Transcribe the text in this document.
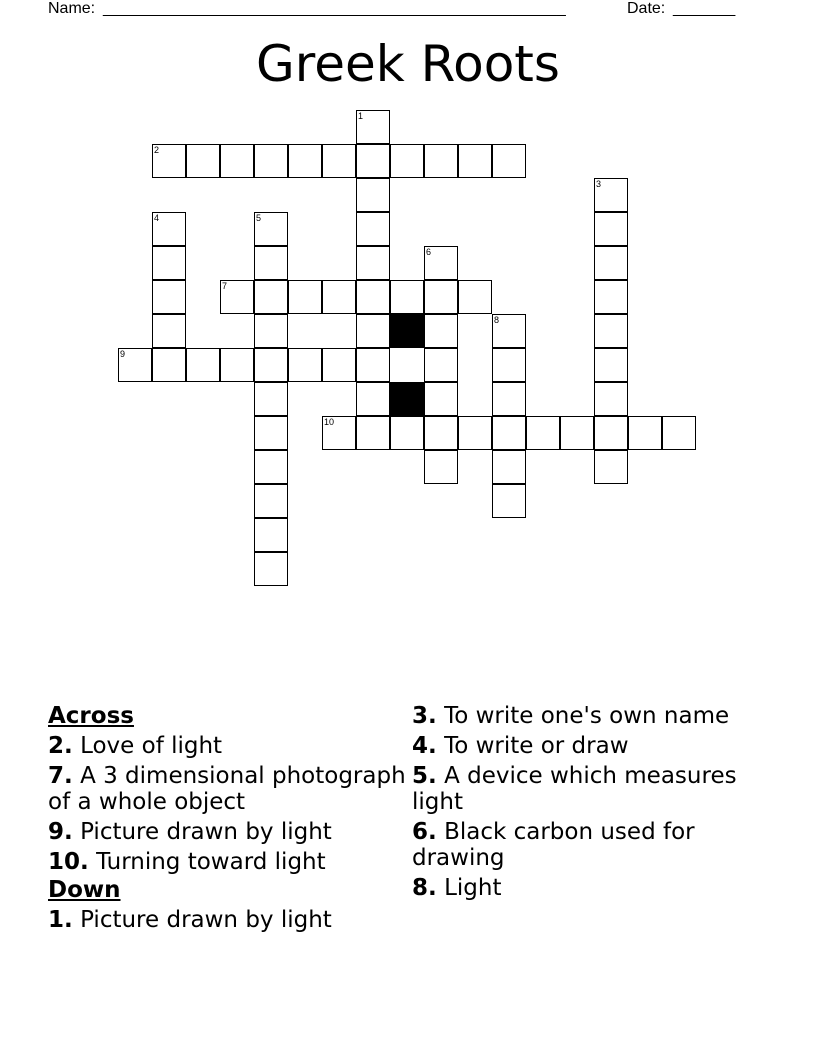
Name: ____________________________________________________	Date: _______
Greek Roots
1
2
3
4	5
6
7
8
9
10
Across
2. Love of light
7. A 3 dimensional photograph of a whole object
9. Picture drawn by light
10. Turning toward light
Down
1. Picture drawn by light
3. To write one's own name
4. To write or draw
5. A device which measures light
6. Black carbon used for drawing
8. Light
